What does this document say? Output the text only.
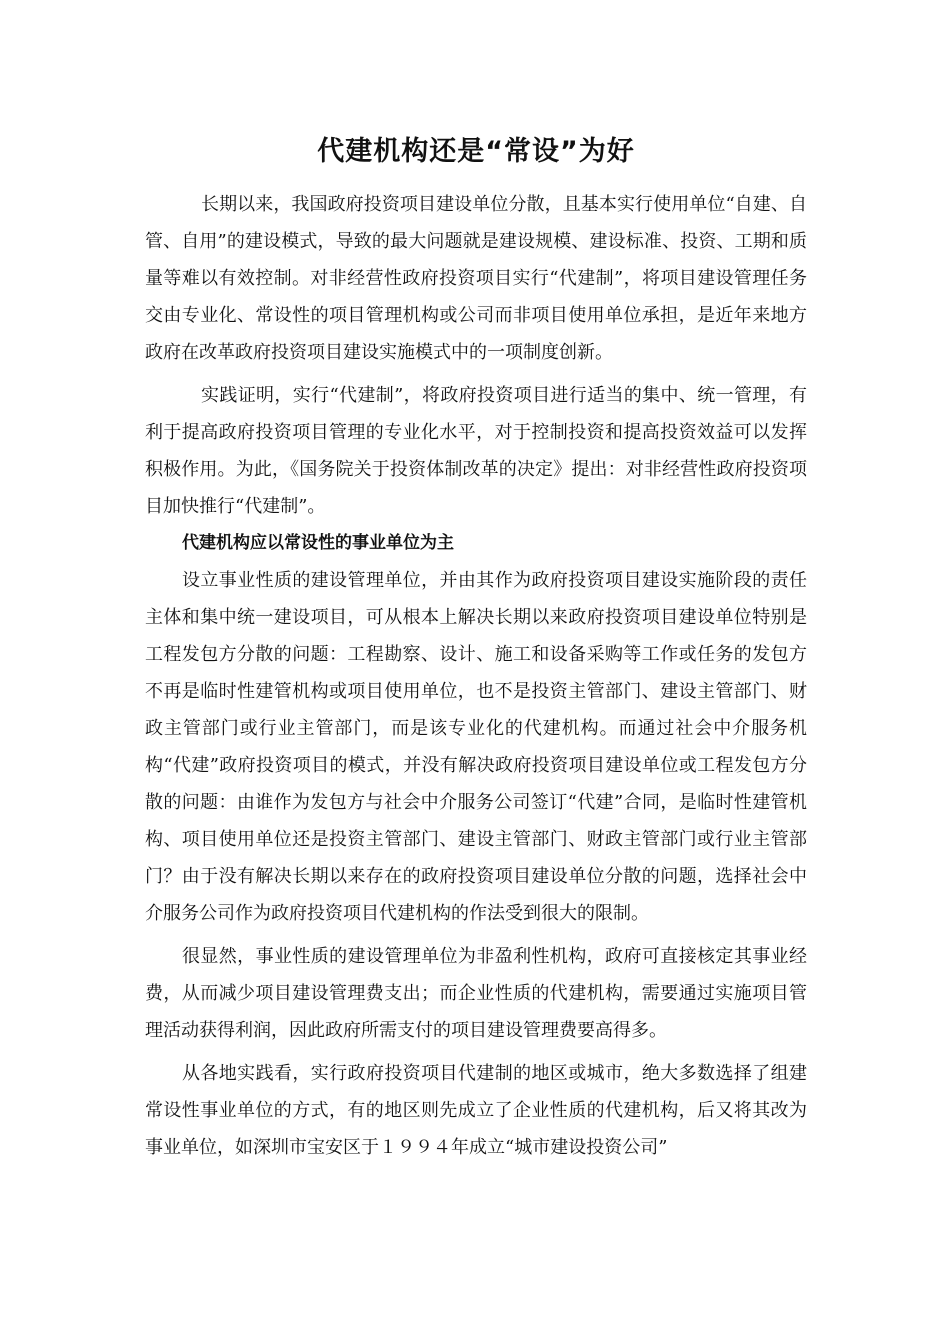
代建机构还是“常设”为好

长期以来，我国政府投资项目建设单位分散，且基本实行使用单位“自建、自管、自用”的建设模式，导致的最大问题就是建设规模、建设标准、投资、工期和质量等难以有效控制。对非经营性政府投资项目实行“代建制”，将项目建设管理任务交由专业化、常设性的项目管理机构或公司而非项目使用单位承担，是近年来地方政府在改革政府投资项目建设实施模式中的一项制度创新。

实践证明，实行“代建制”，将政府投资项目进行适当的集中、统一管理，有利于提高政府投资项目管理的专业化水平，对于控制投资和提高投资效益可以发挥积极作用。为此，《国务院关于投资体制改革的决定》提出：对非经营性政府投资项目加快推行“代建制”。

代建机构应以常设性的事业单位为主

设立事业性质的建设管理单位，并由其作为政府投资项目建设实施阶段的责任主体和集中统一建设项目，可从根本上解决长期以来政府投资项目建设单位特别是工程发包方分散的问题：工程勘察、设计、施工和设备采购等工作或任务的发包方不再是临时性建管机构或项目使用单位，也不是投资主管部门、建设主管部门、财政主管部门或行业主管部门，而是该专业化的代建机构。而通过社会中介服务机构“代建”政府投资项目的模式，并没有解决政府投资项目建设单位或工程发包方分散的问题：由谁作为发包方与社会中介服务公司签订“代建”合同，是临时性建管机构、项目使用单位还是投资主管部门、建设主管部门、财政主管部门或行业主管部门？由于没有解决长期以来存在的政府投资项目建设单位分散的问题，选择社会中介服务公司作为政府投资项目代建机构的作法受到很大的限制。

很显然，事业性质的建设管理单位为非盈利性机构，政府可直接核定其事业经费，从而减少项目建设管理费支出；而企业性质的代建机构，需要通过实施项目管理活动获得利润，因此政府所需支付的项目建设管理费要高得多。

从各地实践看，实行政府投资项目代建制的地区或城市，绝大多数选择了组建常设性事业单位的方式，有的地区则先成立了企业性质的代建机构，后又将其改为事业单位，如深圳市宝安区于１９９４年成立“城市建设投资公司”
